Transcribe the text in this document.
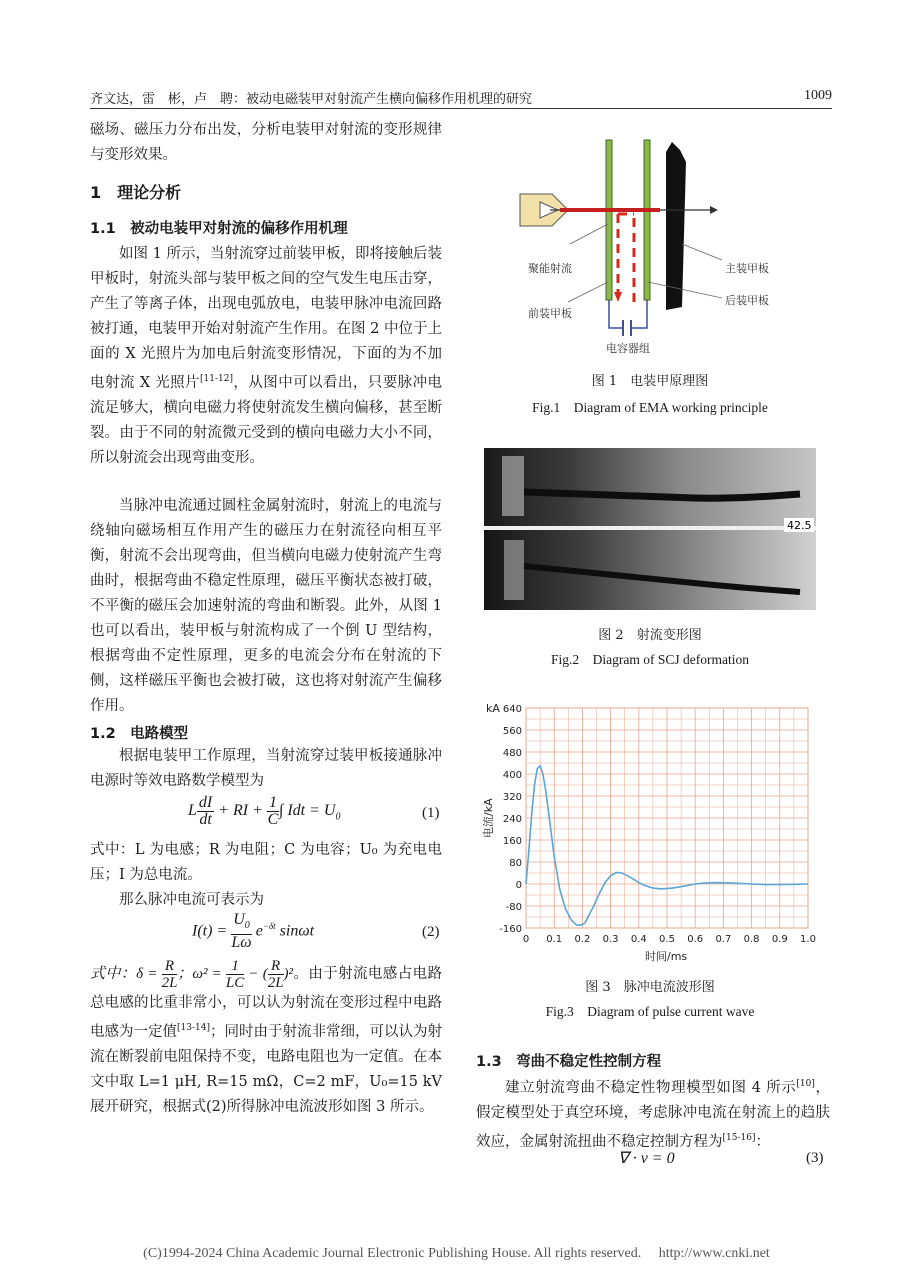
齐文达，雷　彬，卢　聘：被动电磁装甲对射流产生横向偏移作用机理的研究	1009
磁场、磁压力分布出发，分析电装甲对射流的变形规律与变形效果。
1　理论分析
1.1　被动电装甲对射流的偏移作用机理
如图 1 所示，当射流穿过前装甲板，即将接触后装甲板时，射流头部与装甲板之间的空气发生电压击穿，产生了等离子体，出现电弧放电，电装甲脉冲电流回路被打通，电装甲开始对射流产生作用。在图 2 中位于上面的 X 光照片为加电后射流变形情况，下面的为不加电射流 X 光照片[11-12]，从图中可以看出，只要脉冲电流足够大，横向电磁力将使射流发生横向偏移，甚至断裂。由于不同的射流微元受到的横向电磁力大小不同，所以射流会出现弯曲变形。
当脉冲电流通过圆柱金属射流时，射流上的电流与绕轴向磁场相互作用产生的磁压力在射流径向相互平衡，射流不会出现弯曲，但当横向电磁力使射流产生弯曲时，根据弯曲不稳定性原理，磁压平衡状态被打破，不平衡的磁压会加速射流的弯曲和断裂。此外，从图 1 也可以看出，装甲板与射流构成了一个倒 U 型结构，根据弯曲不定性原理，更多的电流会分布在射流的下侧，这样磁压平衡也会被打破，这也将对射流产生偏移作用。
1.2　电路模型
根据电装甲工作原理，当射流穿过装甲板接通脉冲电源时等效电路数学模型为
L $\frac{dI}{dt}$ + RI + $\frac{1}{C}$ ∫ Idt = $U_0$	(1)
式中：L 为电感；R 为电阻；C 为电容；U₀ 为充电电压；I 为总电流。
那么脉冲电流可表示为
$I(t) = \frac{U_0}{L\omega} e^{-\delta t}$ sinωt	(2)
式中：$\delta = \frac{R}{2L}$ ；$\omega^2 = \frac{1}{LC}$ − ( $\frac{R}{2L} )^2$。由于射流电感占电路总电感的比重非常小，可以认为射流在变形过程中电路电感为一定值[13-14]；同时由于射流非常细，可以认为射流在断裂前电阻保持不变，电路电阻也为一定值。在本文中取 L=1 μH, R=15 mΩ，C=2 mF，U₀=15 kV 展开研究，根据式(2)所得脉冲电流波形如图 3 所示。
聚能射流
前装甲板
主装甲板
后装甲板
电容器组
图 1　电装甲原理图
Fig.1　Diagram of EMA working principle
42.5
图 2　射流变形图
Fig.2　Diagram of SCJ deformation
-160
-80
0
80
160
240
320
400
480
560
640
0 0.1 0.2 0.3 0.4 0.5 0.6 0.7 0.8 0.9 1.0
电流/kA
kA
时间/ms
图 3　脉冲电流波形图
Fig.3　Diagram of pulse current wave
1.3　弯曲不稳定性控制方程
建立射流弯曲不稳定性物理模型如图 4 所示[10]，假定模型处于真空环境，考虑脉冲电流在射流上的趋肤效应，金属射流扭曲不稳定控制方程为[15-16]：
∇ · v = 0	(3)
(C)1994-2024 China Academic Journal Electronic Publishing House. All rights reserved.　 http://www.cnki.net
